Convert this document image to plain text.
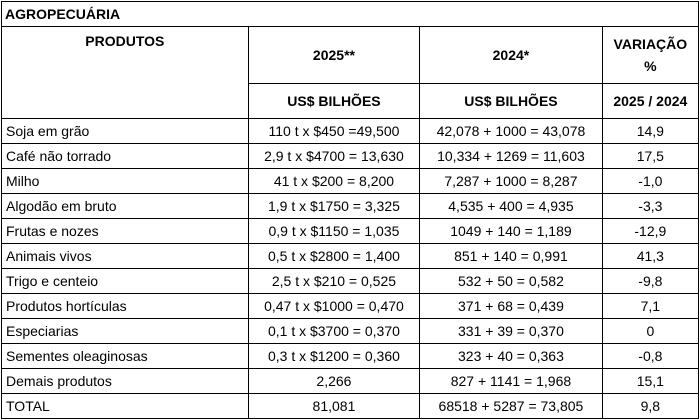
AGROPECUÁRIA			
PRODUTOS	2025**	2024*	VARIAÇÃO
%

	US$ BILHÕES	US$ BILHÕES	2025 / 2024
Soja em grão	110 t x $450 =49,500	42,078 + 1000 = 43,078	14,9
Café não torrado	2,9 t x $4700 = 13,630	10,334 + 1269 = 11,603	17,5
Milho	41 t x $200 = 8,200	7,287 + 1000 = 8,287	-1,0
Algodão em bruto	1,9 t x $1750 = 3,325	4,535 + 400 = 4,935	-3,3
Frutas e nozes	0,9 t x $1150 = 1,035	1049 + 140 = 1,189	-12,9
Animais vivos	0,5 t x $2800 = 1,400	851 + 140 = 0,991	41,3
Trigo e centeio	2,5 t x $210 = 0,525	532 + 50 = 0,582	-9,8
Produtos hortículas	0,47 t x $1000 = 0,470	371 + 68 = 0,439	7,1
Especiarias	0,1 t x $3700 = 0,370	331 + 39 = 0,370	0
Sementes oleaginosas	0,3 t x $1200 = 0,360	323 + 40 = 0,363	-0,8
Demais produtos	2,266	827 + 1141 = 1,968	15,1
TOTAL	81,081	68518 + 5287 = 73,805	9,8
